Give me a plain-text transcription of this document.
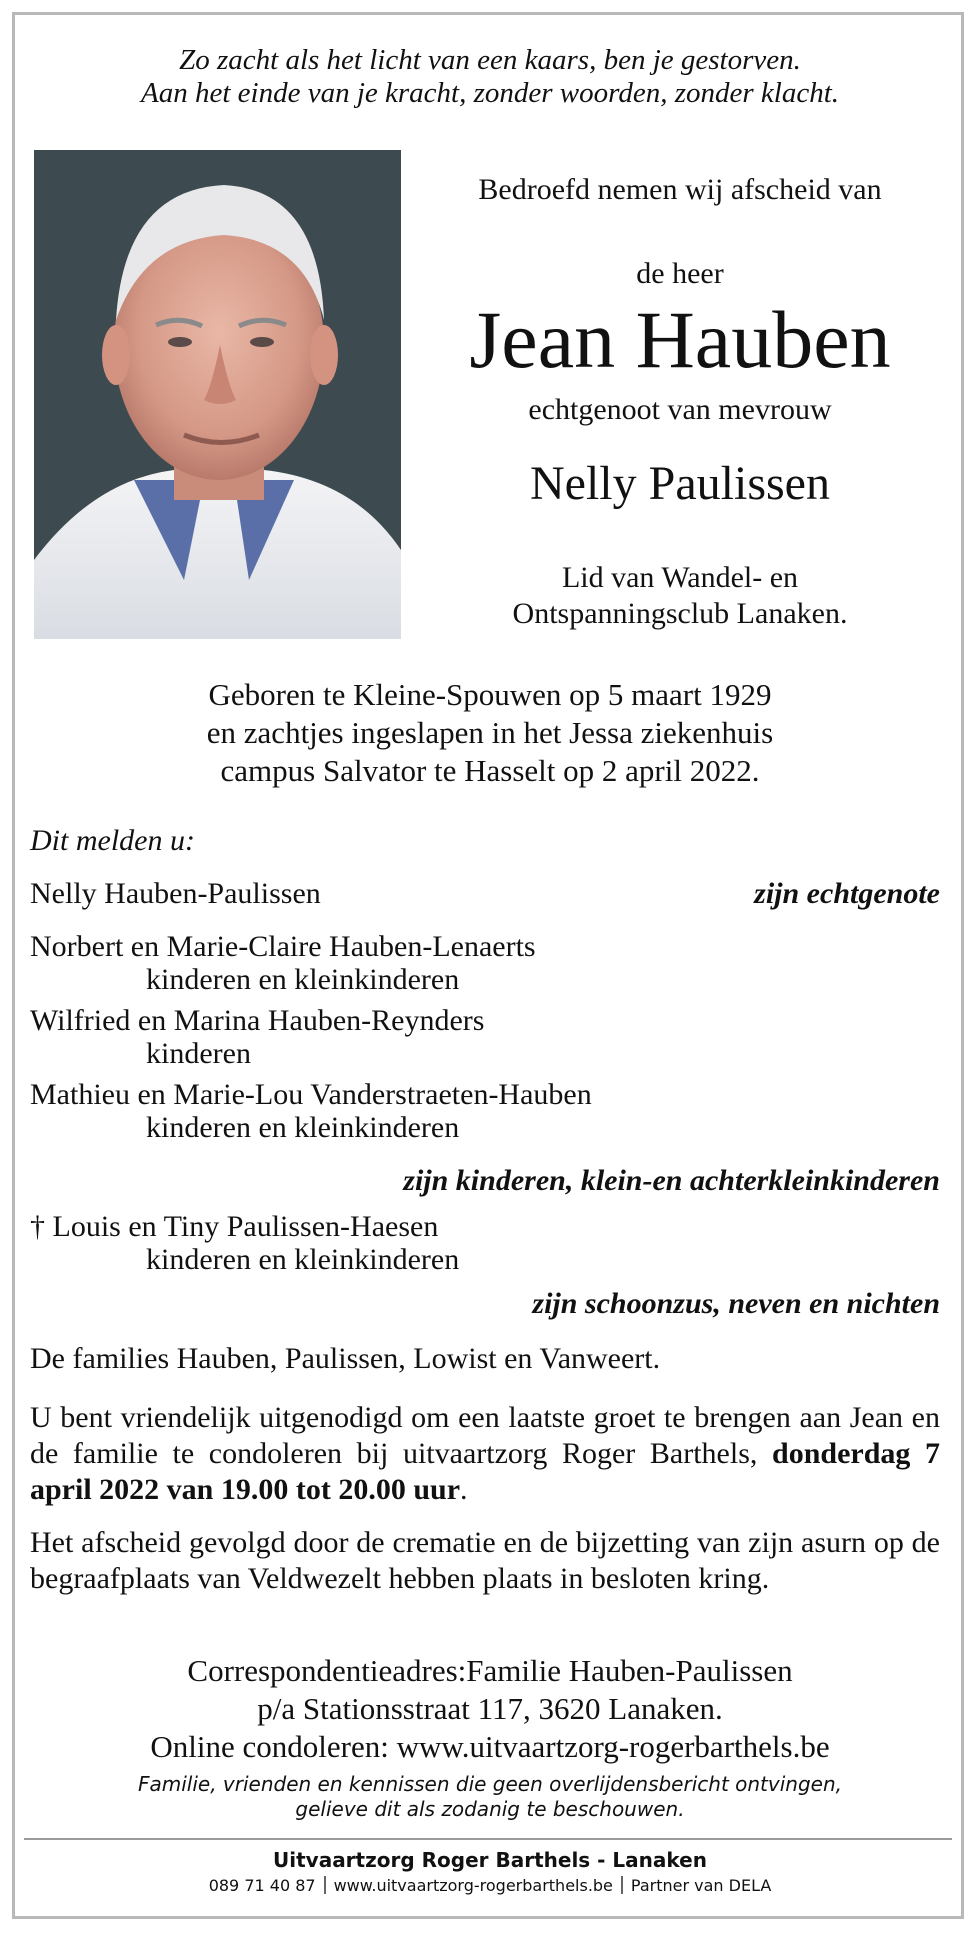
Zo zacht als het licht van een kaars, ben je gestorven.
Aan het einde van je kracht, zonder woorden, zonder klacht.
Bedroefd nemen wij afscheid van
de heer
Jean Hauben
echtgenoot van mevrouw
Nelly Paulissen
Lid van Wandel- en
Ontspanningsclub Lanaken.
Geboren te Kleine-Spouwen op 5 maart 1929
en zachtjes ingeslapen in het Jessa ziekenhuis
campus Salvator te Hasselt op 2 april 2022.
Dit melden u:
Nelly Hauben-Paulissen	zijn echtgenote
Norbert en Marie-Claire Hauben-Lenaerts
kinderen en kleinkinderen
Wilfried en Marina Hauben-Reynders
kinderen
Mathieu en Marie-Lou Vanderstraeten-Hauben
kinderen en kleinkinderen
zijn kinderen, klein-en achterkleinkinderen
† Louis en Tiny Paulissen-Haesen
kinderen en kleinkinderen
zijn schoonzus, neven en nichten
De families Hauben, Paulissen, Lowist en Vanweert.
U bent vriendelijk uitgenodigd om een laatste groet te brengen aan Jean en de familie te condoleren bij uitvaartzorg Roger Barthels, donderdag 7 april 2022 van 19.00 tot 20.00 uur.
Het afscheid gevolgd door de crematie en de bijzetting van zijn asurn op de begraafplaats van Veldwezelt hebben plaats in besloten kring.
Correspondentieadres:Familie Hauben-Paulissen
p/a Stationsstraat 117, 3620 Lanaken.
Online condoleren: www.uitvaartzorg-rogerbarthels.be
Familie, vrienden en kennissen die geen overlijdensbericht ontvingen,
gelieve dit als zodanig te beschouwen.
Uitvaartzorg Roger Barthels - Lanaken
089 71 40 87 www.uitvaartzorg-rogerbarthels.be Partner van DELA
